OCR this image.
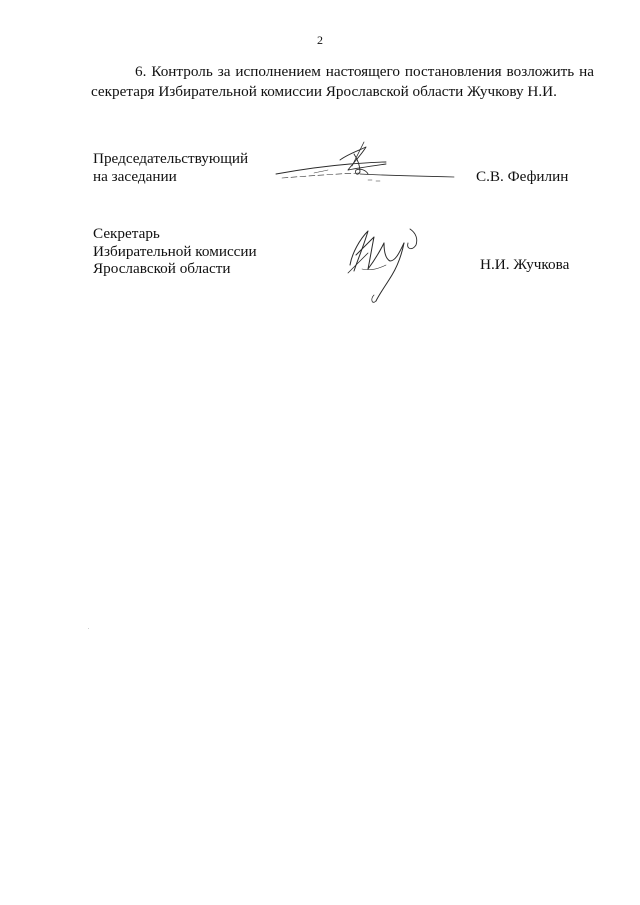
2

6. Контроль за исполнением настоящего постановления возложить на секретаря Избирательной комиссии Ярославской области Жучкову Н.И.

Председательствующий
на заседании	С.В. Фефилин
Секретарь
Избирательной комиссии
Ярославской области	Н.И. Жучкова
